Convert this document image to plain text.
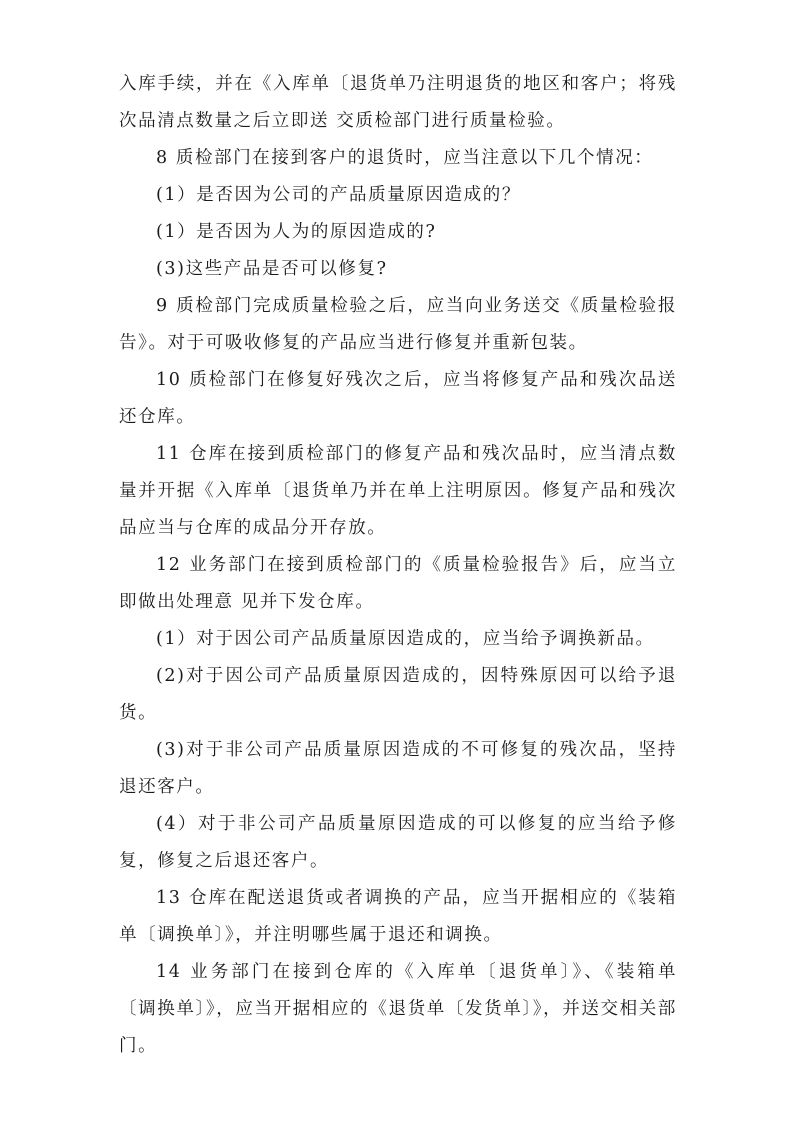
入库手续，并在《入库单〔退货单乃注明退货的地区和客户；将残次品清点数量之后立即送 交质检部门进行质量检验。

8 质检部门在接到客户的退货时，应当注意以下几个情况：

(1）是否因为公司的产品质量原因造成的？

(1）是否因为人为的原因造成的?

(3)这些产品是否可以修复?

9 质检部门完成质量检验之后，应当向业务送交《质量检验报告》。对于可吸收修复的产品应当进行修复并重新包装。

10 质检部门在修复好残次之后，应当将修复产品和残次品送还仓库。

11 仓库在接到质检部门的修复产品和残次品时，应当清点数量并开据《入库单〔退货单乃并在单上注明原因。修复产品和残次品应当与仓库的成品分开存放。

12 业务部门在接到质检部门的《质量检验报告》后，应当立即做出处理意 见并下发仓库。

(1）对于因公司产品质量原因造成的，应当给予调换新品。

(2)对于因公司产品质量原因造成的，因特殊原因可以给予退货。

(3)对于非公司产品质量原因造成的不可修复的残次品，坚持退还客户。

(4）对于非公司产品质量原因造成的可以修复的应当给予修复，修复之后退还客户。

13 仓库在配送退货或者调换的产品，应当开据相应的《装箱单〔调换单〕》，并注明哪些属于退还和调换。

14 业务部门在接到仓库的《入库单〔退货单〕》、《装箱单〔调换单〕》，应当开据相应的《退货单〔发货单〕》，并送交相关部门。
